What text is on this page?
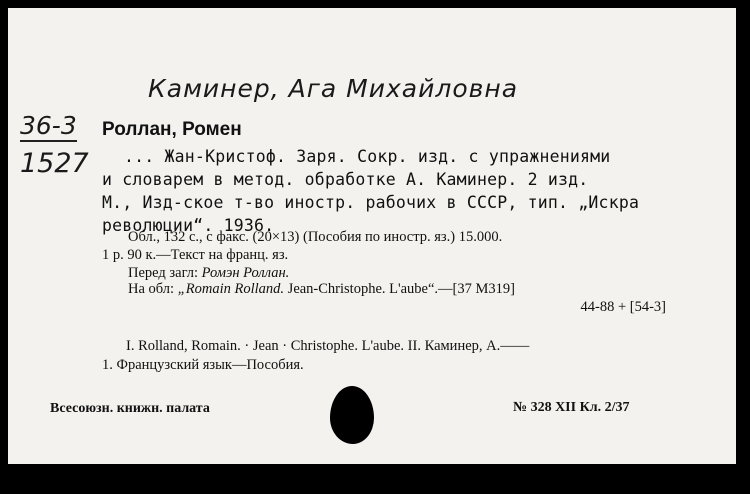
Каминер, Ага Михайловна
36-3
1527
Роллан, Ромен
... Жан-Кристоф. Заря. Сокр. изд. с упражнениями
и словарем в метод. обработке А. Каминер. 2 изд.
М., Изд-ское т-во иностр. рабочих в СССР, тип. „Искра
революции“. 1936.
Обл., 132 с., с факс. (20×13) (Пособия по иностр. яз.) 15.000.
1 р. 90 к.—Текст на франц. яз.
Перед загл: Ромэн Роллан.
На обл: „Romain Rolland. Jean-Christophe. L'aube“.—[37 М319]
44-88 + [54-3]
I. Rolland, Romain. · Jean · Christophe. L'aube. II. Каминер, А.——
1. Французский язык—Пособия.
Всесоюзн. книжн. палата	№ 328 XII Кл. 2/37
